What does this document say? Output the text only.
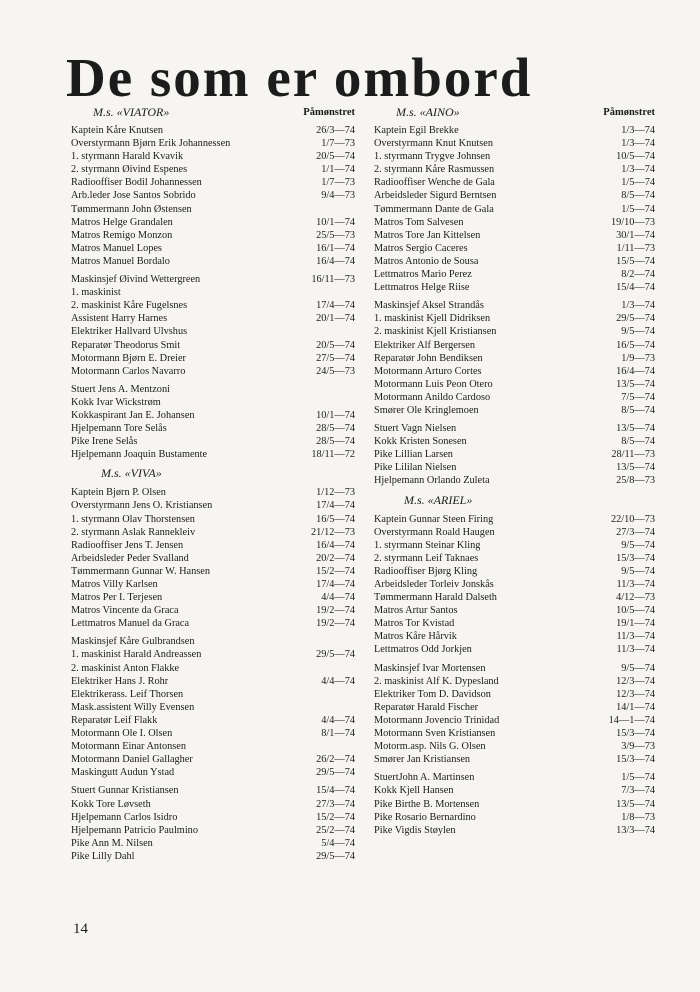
De som er ombord
M.s. «VIATOR»	Påmønstret
Kaptein Kåre Knutsen	26/3—74
Overstyrmann Bjørn Erik Johannessen	1/7—73
1. styrmann Harald Kvavik	20/5—74
2. styrmann Øivind Espenes	1/1—74
Radiooffiser Bodil Johannessen	1/7—73
Arb.leder Jose Santos Sobrido	9/4—73
Tømmermann John Østensen
Matros Helge Grandalen	10/1—74
Matros Remigo Monzon	25/5—73
Matros Manuel Lopes	16/1—74
Matros Manuel Bordalo	16/4—74
Maskinsjef Øivind Wettergreen	16/11—73
1. maskinist
2. maskinist Kåre Fugelsnes	17/4—74
Assistent Harry Harnes	20/1—74
Elektriker Hallvard Ulvshus
Reparatør Theodorus Smit	20/5—74
Motormann Bjørn E. Dreier	27/5—74
Motormann Carlos Navarro	24/5—73
Stuert Jens A. Mentzoni
Kokk Ivar Wickstrøm
Kokkaspirant Jan E. Johansen	10/1—74
Hjelpemann Tore Selås	28/5—74
Pike Irene Selås	28/5—74
Hjelpemann Joaquin Bustamente	18/11—72
M.s. «VIVA»
Kaptein Bjørn P. Olsen	1/12—73
Overstyrmann Jens O. Kristiansen	17/4—74
1. styrmann Olav Thorstensen	16/5—74
2. styrmann Aslak Rannekleiv	21/12—73
Radiooffiser Jens T. Jensen	16/4—74
Arbeidsleder Peder Svalland	20/2—74
Tømmermann Gunnar W. Hansen	15/2—74
Matros Villy Karlsen	17/4—74
Matros Per I. Terjesen	4/4—74
Matros Vincente da Graca	19/2—74
Lettmatros Manuel da Graca	19/2—74
Maskinsjef Kåre Gulbrandsen
1. maskinist Harald Andreassen	29/5—74
2. maskinist Anton Flakke
Elektriker Hans J. Rohr	4/4—74
Elektrikerass. Leif Thorsen
Mask.assistent Willy Evensen
Reparatør Leif Flakk	4/4—74
Motormann Ole I. Olsen	8/1—74
Motormann Einar Antonsen
Motormann Daniel Gallagher	26/2—74
Maskingutt Audun Ystad	29/5—74
Stuert Gunnar Kristiansen	15/4—74
Kokk Tore Løvseth	27/3—74
Hjelpemann Carlos Isidro	15/2—74
Hjelpemann Patricio Paulmino	25/2—74
Pike Ann M. Nilsen	5/4—74
Pike Lilly Dahl	29/5—74
M.s. «AINO»	Påmønstret
Kaptein Egil Brekke	1/3—74
Overstyrmann Knut Knutsen	1/3—74
1. styrmann Trygve Johnsen	10/5—74
2. styrmann Kåre Rasmussen	1/3—74
Radiooffiser Wenche de Gala	1/5—74
Arbeidsleder Sigurd Berntsen	8/5—74
Tømmermann Dante de Gala	1/5—74
Matros Tom Salvesen	19/10—73
Matros Tore Jan Kittelsen	30/1—74
Matros Sergio Caceres	1/11—73
Matros Antonio de Sousa	15/5—74
Lettmatros Mario Perez	8/2—74
Lettmatros Helge Riise	15/4—74
Maskinsjef Aksel Strandås	1/3—74
1. maskinist Kjell Didriksen	29/5—74
2. maskinist Kjell Kristiansen	9/5—74
Elektriker Alf Bergersen	16/5—74
Reparatør John Bendiksen	1/9—73
Motormann Arturo Cortes	16/4—74
Motormann Luis Peon Otero	13/5—74
Motormann Anildo Cardoso	7/5—74
Smører Ole Kringlemoen	8/5—74
Stuert Vagn Nielsen	13/5—74
Kokk Kristen Sonesen	8/5—74
Pike Lillian Larsen	28/11—73
Pike Lililan Nielsen	13/5—74
Hjelpemann Orlando Zuleta	25/8—73
M.s. «ARIEL»
Kaptein Gunnar Steen Firing	22/10—73
Overstyrmann Roald Haugen	27/3—74
1. styrmann Steinar Kling	9/5—74
2. styrmann Leif Taknaes	15/3—74
Radiooffiser Bjørg Kling	9/5—74
Arbeidsleder Torleiv Jonskås	11/3—74
Tømmermann Harald Dalseth	4/12—73
Matros Artur Santos	10/5—74
Matros Tor Kvistad	19/1—74
Matros Kåre Hårvik	11/3—74
Lettmatros Odd Jorkjen	11/3—74
Maskinsjef Ivar Mortensen	9/5—74
2. maskinist Alf K. Dypesland	12/3—74
Elektriker Tom D. Davidson	12/3—74
Reparatør Harald Fischer	14/1—74
Motormann Jovencio Trinidad	14—1—74
Motormann Sven Kristiansen	15/3—74
Motorm.asp. Nils G. Olsen	3/9—73
Smører Jan Kristiansen	15/3—74
StuertJohn A. Martinsen	1/5—74
Kokk Kjell Hansen	7/3—74
Pike Birthe B. Mortensen	13/5—74
Pike Rosario Bernardino	1/8—73
Pike Vigdis Støylen	13/3—74
14
